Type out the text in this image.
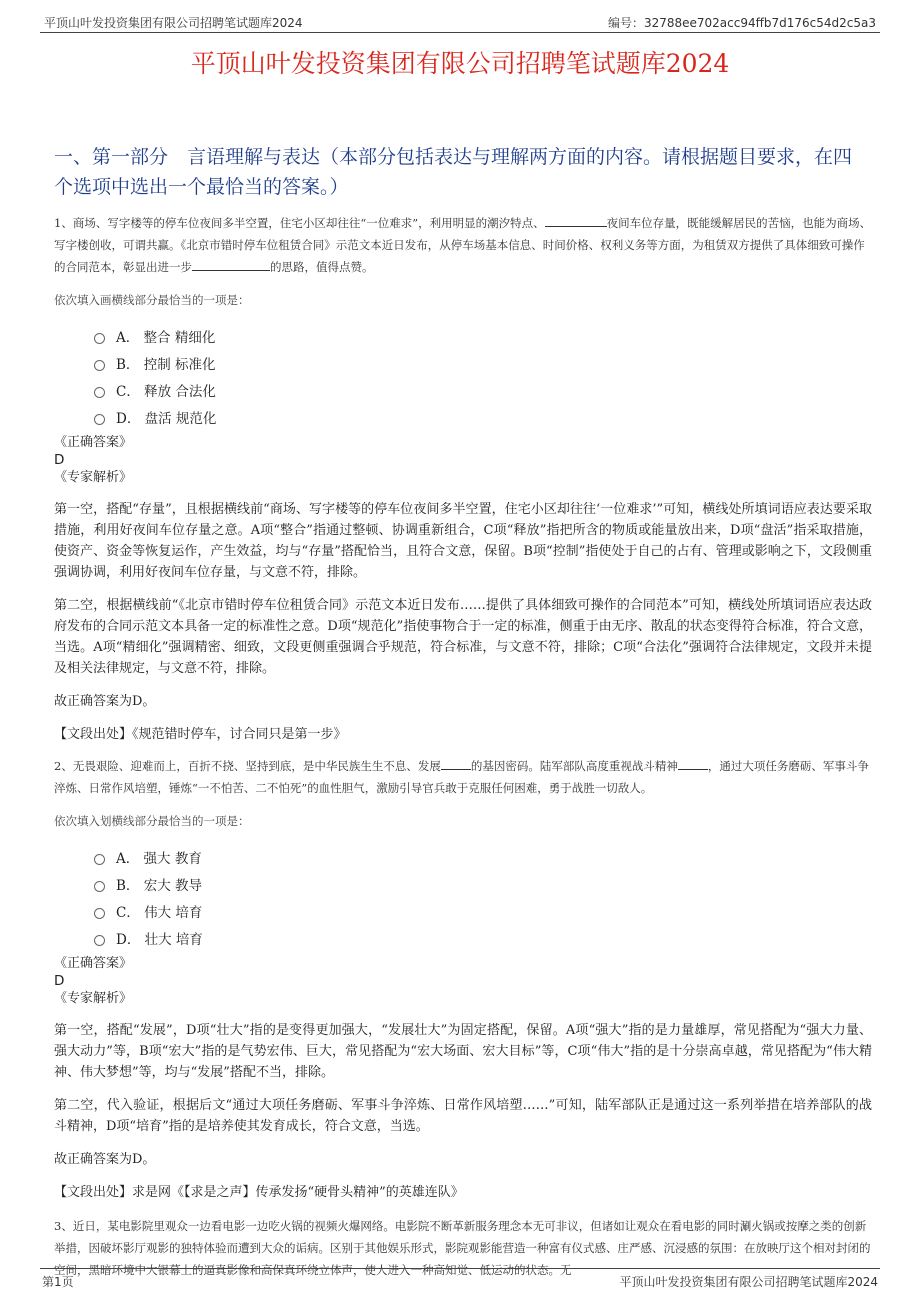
平顶山叶发投资集团有限公司招聘笔试题库2024	编号：32788ee702acc94ffb7d176c54d2c5a3
平顶山叶发投资集团有限公司招聘笔试题库2024
一、第一部分　言语理解与表达（本部分包括表达与理解两方面的内容。请根据题目要求，在四个选项中选出一个最恰当的答案。）

1、商场、写字楼等的停车位夜间多半空置，住宅小区却往往“一位难求”，利用明显的潮汐特点、	夜间车位存量，既能缓解居民的苦恼，也能为商场、写字楼创收，可谓共赢。《北京市错时停车位租赁合同》示范文本近日发布，从停车场基本信息、时间价格、权利义务等方面，为租赁双方提供了具体细致可操作的合同范本，彰显出进一步	的思路，值得点赞。

依次填入画横线部分最恰当的一项是：

A． 整合 精细化
B． 控制 标准化
C． 释放 合法化
D． 盘活 规范化

《正确答案》

D

《专家解析》

第一空，搭配“存量”，且根据横线前“商场、写字楼等的停车位夜间多半空置，住宅小区却往往‘一位难求’”可知，横线处所填词语应表达要采取措施，利用好夜间车位存量之意。A项“整合”指通过整顿、协调重新组合，C项“释放”指把所含的物质或能量放出来，D项“盘活”指采取措施，使资产、资金等恢复运作，产生效益，均与“存量”搭配恰当，且符合文意，保留。B项“控制”指使处于自己的占有、管理或影响之下，文段侧重强调协调，利用好夜间车位存量，与文意不符，排除。

第二空，根据横线前“《北京市错时停车位租赁合同》示范文本近日发布……提供了具体细致可操作的合同范本”可知，横线处所填词语应表达政府发布的合同示范文本具备一定的标准性之意。D项“规范化”指使事物合于一定的标准，侧重于由无序、散乱的状态变得符合标准，符合文意，当选。A项“精细化”强调精密、细致，文段更侧重强调合乎规范，符合标准，与文意不符，排除；C项“合法化”强调符合法律规定，文段并未提及相关法律规定，与文意不符，排除。

故正确答案为D。

【文段出处】《规范错时停车，讨合同只是第一步》

2、无畏艰险、迎难而上，百折不挠、坚持到底，是中华民族生生不息、发展	的基因密码。陆军部队高度重视战斗精神	，通过大项任务磨砺、军事斗争淬炼、日常作风培塑，锤炼“一不怕苦、二不怕死”的血性胆气，激励引导官兵敢于克服任何困难，勇于战胜一切敌人。

依次填入划横线部分最恰当的一项是：

A． 强大 教育
B． 宏大 教导
C． 伟大 培育
D． 壮大 培育

《正确答案》

D

《专家解析》

第一空，搭配“发展”，D项“壮大”指的是变得更加强大，“发展壮大”为固定搭配，保留。A项“强大”指的是力量雄厚，常见搭配为“强大力量、强大动力”等，B项“宏大”指的是气势宏伟、巨大，常见搭配为“宏大场面、宏大目标”等，C项“伟大”指的是十分崇高卓越，常见搭配为“伟大精神、伟大梦想”等，均与“发展”搭配不当，排除。

第二空，代入验证，根据后文“通过大项任务磨砺、军事斗争淬炼、日常作风培塑……”可知，陆军部队正是通过这一系列举措在培养部队的战斗精神，D项“培育”指的是培养使其发育成长，符合文意，当选。

故正确答案为D。

【文段出处】求是网《【求是之声】传承发扬“硬骨头精神”的英雄连队》

3、近日，某电影院里观众一边看电影一边吃火锅的视频火爆网络。电影院不断革新服务理念本无可非议，但诸如让观众在看电影的同时涮火锅或按摩之类的创新举措，因破坏影厅观影的独特体验而遭到大众的诟病。区别于其他娱乐形式，影院观影能营造一种富有仪式感、庄严感、沉浸感的氛围：在放映厅这个相对封闭的空间，黑暗环境中大银幕上的逼真影像和高保真环绕立体声，使人进入一种高知觉、低运动的状态。无

第1页	平顶山叶发投资集团有限公司招聘笔试题库2024
